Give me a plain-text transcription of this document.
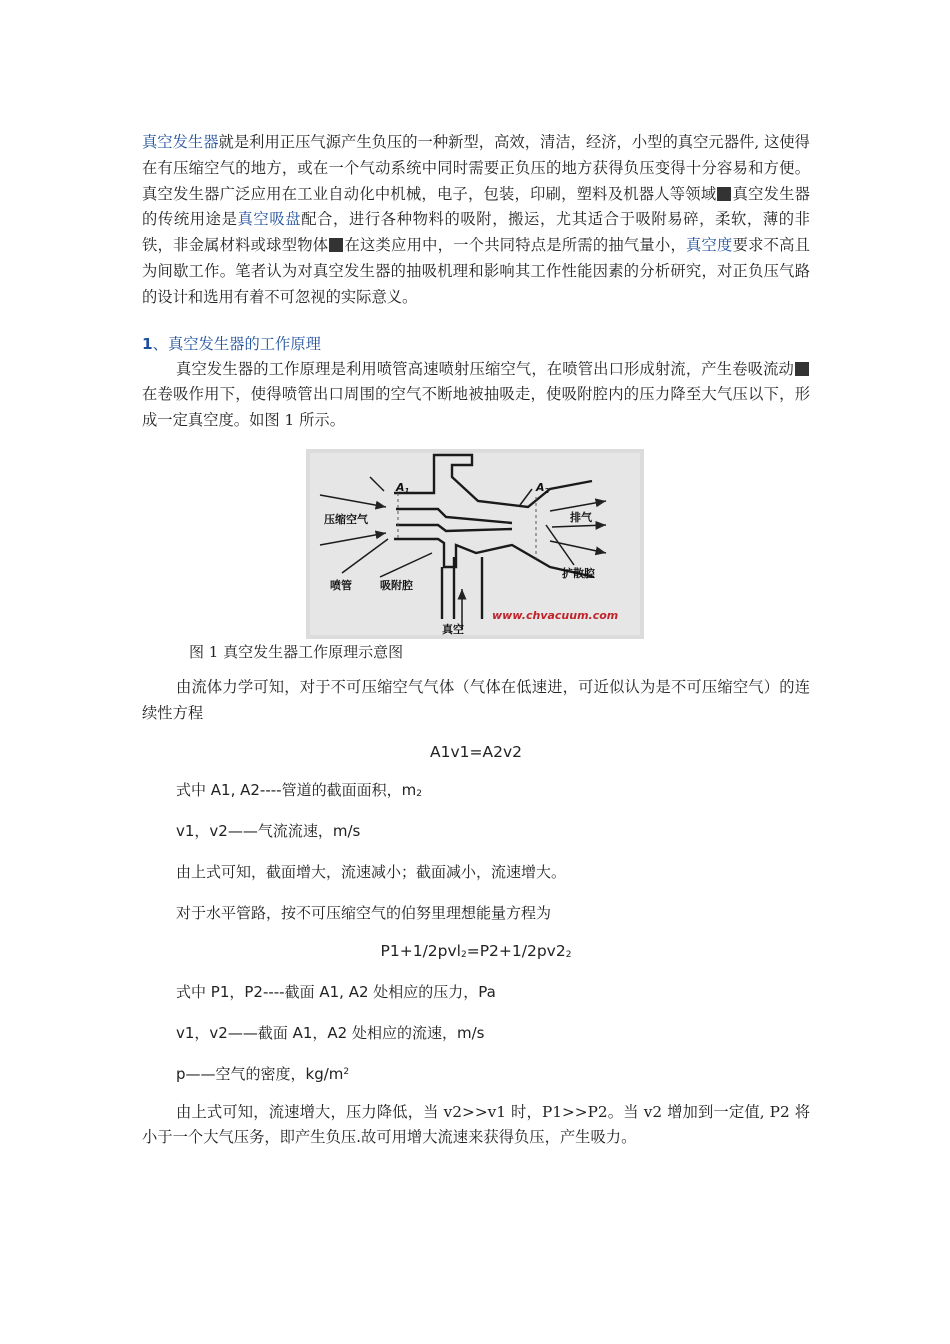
真空发生器就是利用正压气源产生负压的一种新型，高效，清洁，经济，小型的真空元器件, 这使得在有压缩空气的地方，或在一个气动系统中同时需要正负压的地方获得负压变得十分容易和方便。真空发生器广泛应用在工业自动化中机械，电子，包装，印刷，塑料及机器人等领域 真空发生器的传统用途是真空吸盘配合，进行各种物料的吸附，搬运，尤其适合于吸附易碎，柔软，薄的非铁，非金属材料或球型物体 在这类应用中，一个共同特点是所需的抽气量小，真空度要求不高且为间歇工作。笔者认为对真空发生器的抽吸机理和影响其工作性能因素的分析研究，对正负压气路的设计和选用有着不可忽视的实际意义。

1、真空发生器的工作原理

真空发生器的工作原理是利用喷管高速喷射压缩空气，在喷管出口形成射流，产生卷吸流动在卷吸作用下，使得喷管出口周围的空气不断地被抽吸走，使吸附腔内的压力降至大气压以下，形成一定真空度。如图 1 所示。

A1	A2
压缩空气	排气
喷管	吸附腔
扩散腔
真空
www.chvacuum.com
图 1 真空发生器工作原理示意图

由流体力学可知，对于不可压缩空气气体（气体在低速进，可近似认为是不可压缩空气）的连续性方程

A1v1=A2v2

式中 A1, A2----管道的截面面积，$m_2$

v1，v2——气流流速，m/s

由上式可知，截面增大，流速减小；截面减小，流速增大。

对于水平管路，按不可压缩空气的伯努里理想能量方程为

$P1+1/2pvl_2=P2+1/2pv2_2$

式中 P1，P2----截面 A1, A2 处相应的压力，Pa

v1，v2——截面 A1，A2 处相应的流速，m/s

p——空气的密度，$kg/m^2$

由上式可知，流速增大，压力降低，当 v2>>v1 时，P1>>P2。当 v2 增加到一定值, P2 将小于一个大气压务，即产生负压.故可用增大流速来获得负压，产生吸力。
